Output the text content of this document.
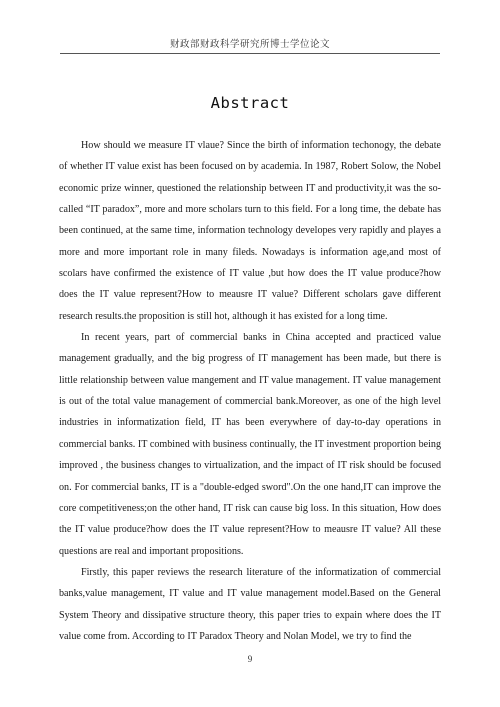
财政部财政科学研究所博士学位论文
Abstract

How should we measure IT vlaue? Since the birth of information techonogy, the debate of whether IT value exist has been focused on by academia. In 1987, Robert Solow, the Nobel economic prize winner, questioned the relationship between IT and productivity,it was the so-called “IT paradox”, more and more scholars turn to this field. For a long time, the debate has been continued, at the same time, information technology developes very rapidly and playes a more and more important role in many fileds. Nowadays is information age,and most of scolars have confirmed the existence of IT value ,but how does the IT value produce?how does the IT value represent?How to meausre IT value? Different scholars gave different research results.the proposition is still hot, although it has existed for a long time.

In recent years, part of commercial banks in China accepted and practiced value management gradually, and the big progress of IT management has been made, but there is little relationship between value mangement and IT value management. IT value management is out of the total value management of commercial bank.Moreover, as one of the high level industries in informatization field, IT has been everywhere of day-to-day operations in commercial banks. IT combined with business continually, the IT investment proportion being improved , the business changes to virtualization, and the impact of IT risk should be focused on. For commercial banks, IT is a "double-edged sword".On the one hand,IT can improve the core competitiveness;on the other hand, IT risk can cause big loss. In this situation, How does the IT value produce?how does the IT value represent?How to meausre IT value? All these questions are real and important propositions.

Firstly, this paper reviews the research literature of the informatization of commercial banks,value management, IT value and IT value management model.Based on the General System Theory and dissipative structure theory, this paper tries to expain where does the IT value come from. According to IT Paradox Theory and Nolan Model, we try to find the

9
